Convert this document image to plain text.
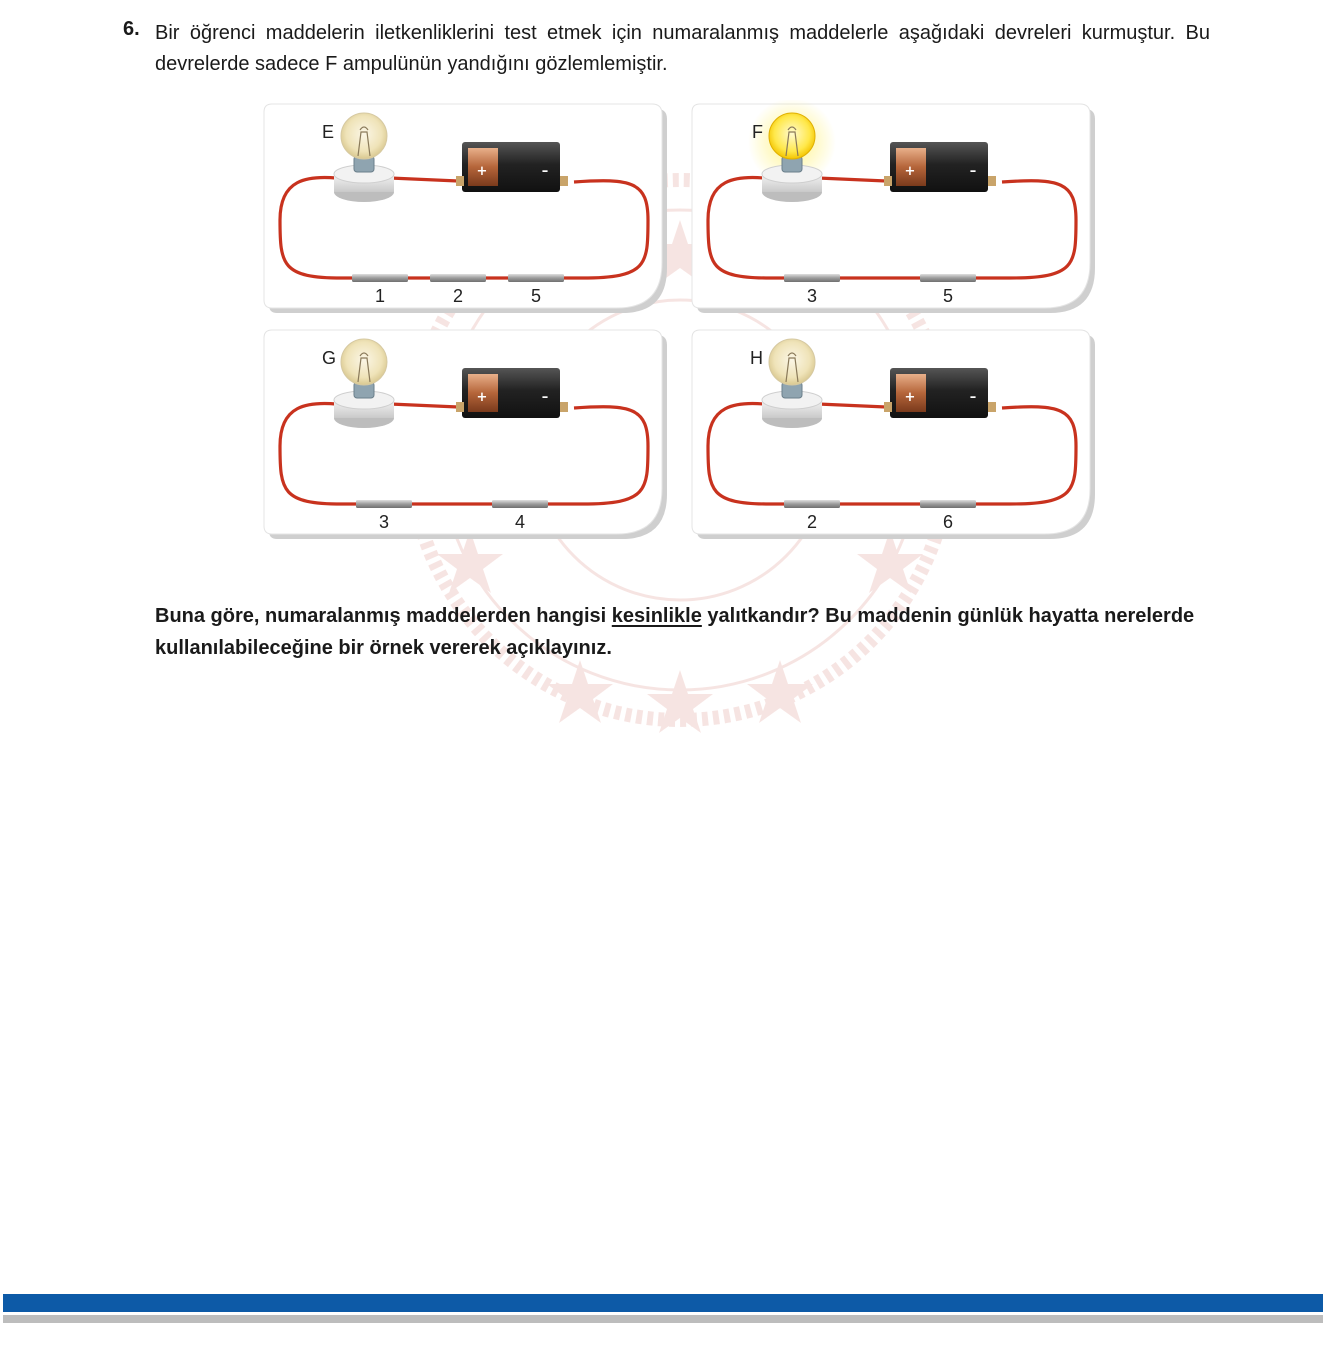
6. Bir öğrenci maddelerin iletkenliklerini test etmek için numaralanmış maddelerle aşağıdaki devreleri kurmuştur. Bu devrelerde sadece F ampulünün yandığını gözlemlemiştir.
+	–
E
1	2	5
+	–
F
3	5
+	–
G
3	4
+	–
H
2	6
Buna göre, numaralanmış maddelerden hangisi kesinlikle yalıtkandır? Bu maddenin günlük hayatta nerelerde kullanılabileceğine bir örnek vererek açıklayınız.
